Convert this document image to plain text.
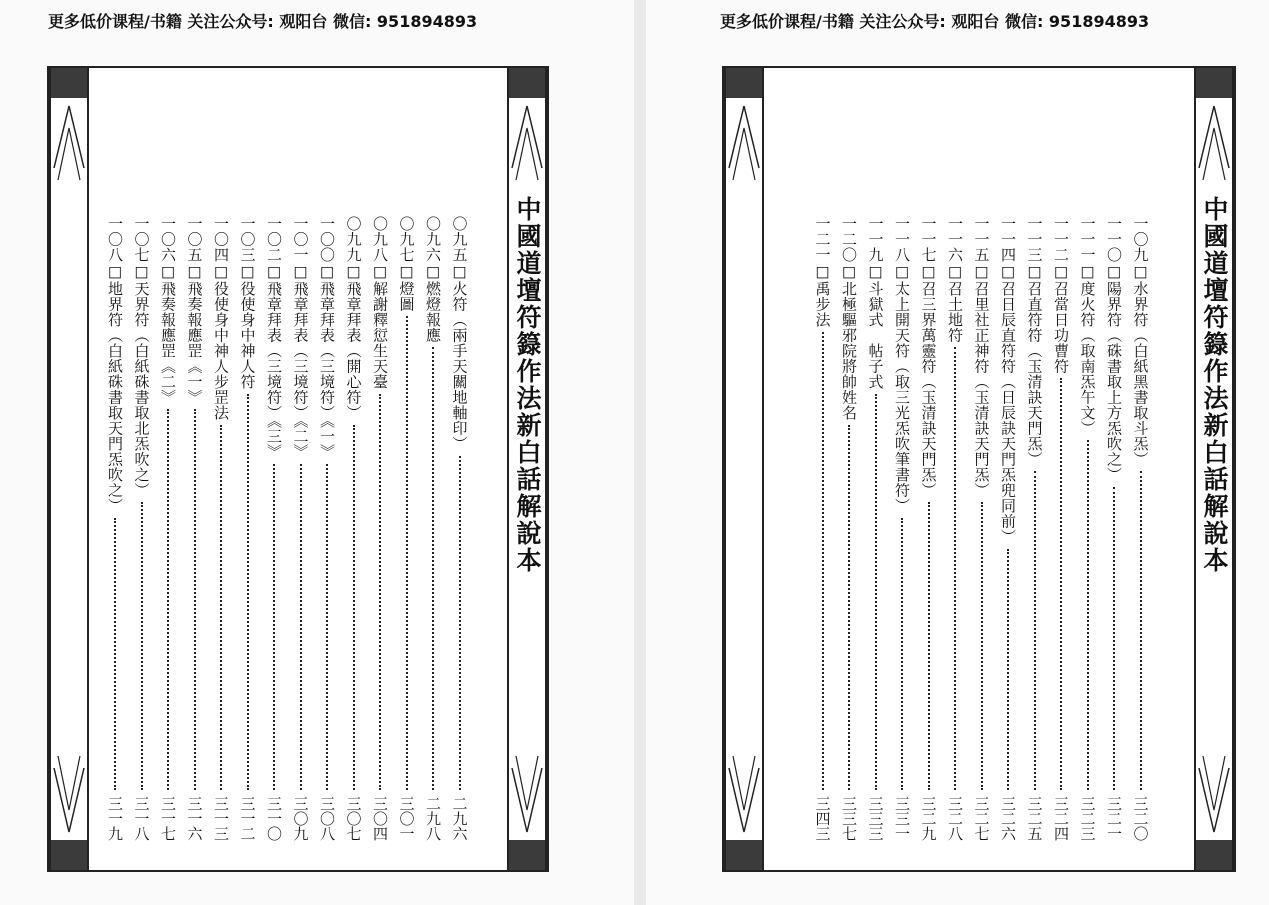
更多低价课程/书籍 关注公众号: 观阳台 微信: 951894893
中國道壇符籙作法新白話解說本
〇九五□火符（兩手天關地軸印）
二九六
〇九六□燃燈報應
二九八
〇九七□燈圖
三〇一
〇九八□解謝釋愆生天臺
三〇四
〇九九□飛章拜表（開心符）
三〇七
一〇〇□飛章拜表（三境符）《一》
三〇八
一〇一□飛章拜表（三境符）《二》
三〇九
一〇二□飛章拜表（三境符）《三》
三一〇
一〇三□役使身中神人符
三一二
一〇四□役使身中神人步罡法
三一三
一〇五□飛奏報應罡《一》
三一六
一〇六□飛奏報應罡《二》
三一七
一〇七□天界符（白紙硃書取北炁吹之）
三一八
一〇八□地界符（白紙硃書取天門炁吹之）
三一九
更多低价课程/书籍 关注公众号: 观阳台 微信: 951894893
中國道壇符籙作法新白話解說本
一〇九□水界符（白紙黑書取斗炁）
三二〇
一一〇□陽界符（硃書取上方炁吹之）
三二一
一一一□度火符（取南炁午文）
三二三
一一二□召當日功曹符
三二四
一一三□召直符符（玉清訣天門炁）
三二五
一一四□召日辰直符符（日辰訣天門炁兜同前）
三二六
一一五□召里社正神符（玉清訣天門炁）
三二七
一一六□召土地符
三二八
一一七□召三界萬靈符（玉清訣天門炁）
三二九
一一八□太上開天符（取三光炁吹筆書符）
三三一
一一九□斗獄式　帖子式
三三三
一二〇□北極驅邪院將帥姓名
三三七
一二一□禹步法
三四三
